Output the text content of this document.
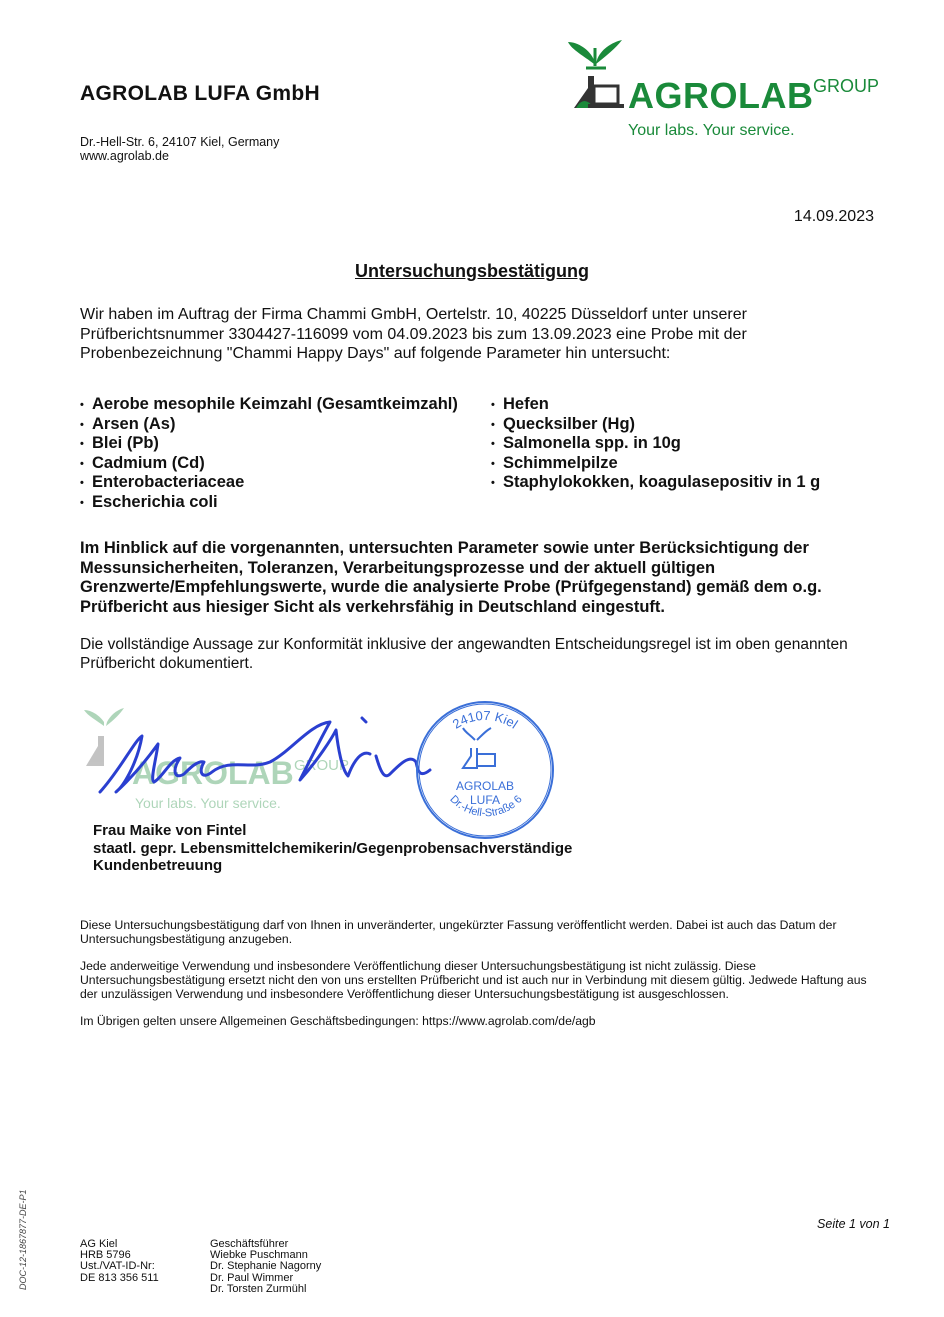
AGROLAB LUFA GmbH
Dr.-Hell-Str. 6, 24107 Kiel, Germany
www.agrolab.de
AGROLAB GROUP
Your labs. Your service.
14.09.2023
Untersuchungsbestätigung
Wir haben im Auftrag der Firma Chammi GmbH, Oertelstr. 10, 40225 Düsseldorf unter unserer Prüfberichtsnummer 3304427-116099 vom 04.09.2023 bis zum 13.09.2023 eine Probe mit der Probenbezeichnung "Chammi Happy Days" auf folgende Parameter hin untersucht:
• Aerobe mesophile Keimzahl (Gesamtkeimzahl)
• Arsen (As)
• Blei (Pb)
• Cadmium (Cd)
• Enterobacteriaceae
• Escherichia coli
• Hefen
• Quecksilber (Hg)
• Salmonella spp. in 10g
• Schimmelpilze
• Staphylokokken, koagulasepositiv in 1 g
Im Hinblick auf die vorgenannten, untersuchten Parameter sowie unter Berücksichtigung der Messunsicherheiten, Toleranzen, Verarbeitungsprozesse und der aktuell gültigen Grenzwerte/Empfehlungswerte, wurde die analysierte Probe (Prüfgegenstand) gemäß dem o.g. Prüfbericht aus hiesiger Sicht als verkehrsfähig in Deutschland eingestuft.
Die vollständige Aussage zur Konformität inklusive der angewandten Entscheidungsregel ist im oben genannten Prüfbericht dokumentiert.
AGROLAB GROUP
Your labs. Your service.
24107 Kiel
Dr.-Hell-Straße 6
AGROLAB
LUFA
Frau Maike von Fintel
staatl. gepr. Lebensmittelchemikerin/Gegenprobensachverständige
Kundenbetreuung

Diese Untersuchungsbestätigung darf von Ihnen in unveränderter, ungekürzter Fassung veröffentlicht werden. Dabei ist auch das Datum der Untersuchungsbestätigung anzugeben.

Jede anderweitige Verwendung und insbesondere Veröffentlichung dieser Untersuchungsbestätigung ist nicht zulässig. Diese Untersuchungsbestätigung ersetzt nicht den von uns erstellten Prüfbericht und ist auch nur in Verbindung mit diesem gültig. Jedwede Haftung aus der unzulässigen Verwendung und insbesondere Veröffentlichung dieser Untersuchungsbestätigung ist ausgeschlossen.

Im Übrigen gelten unsere Allgemeinen Geschäftsbedingungen: https://www.agrolab.com/de/agb

DOC-12-1867877-DE-P1	Seite 1 von 1
AG Kiel
HRB 5796
Ust./VAT-ID-Nr:
DE 813 356 511
Geschäftsführer
Wiebke Puschmann
Dr. Stephanie Nagorny
Dr. Paul Wimmer
Dr. Torsten Zurmühl
